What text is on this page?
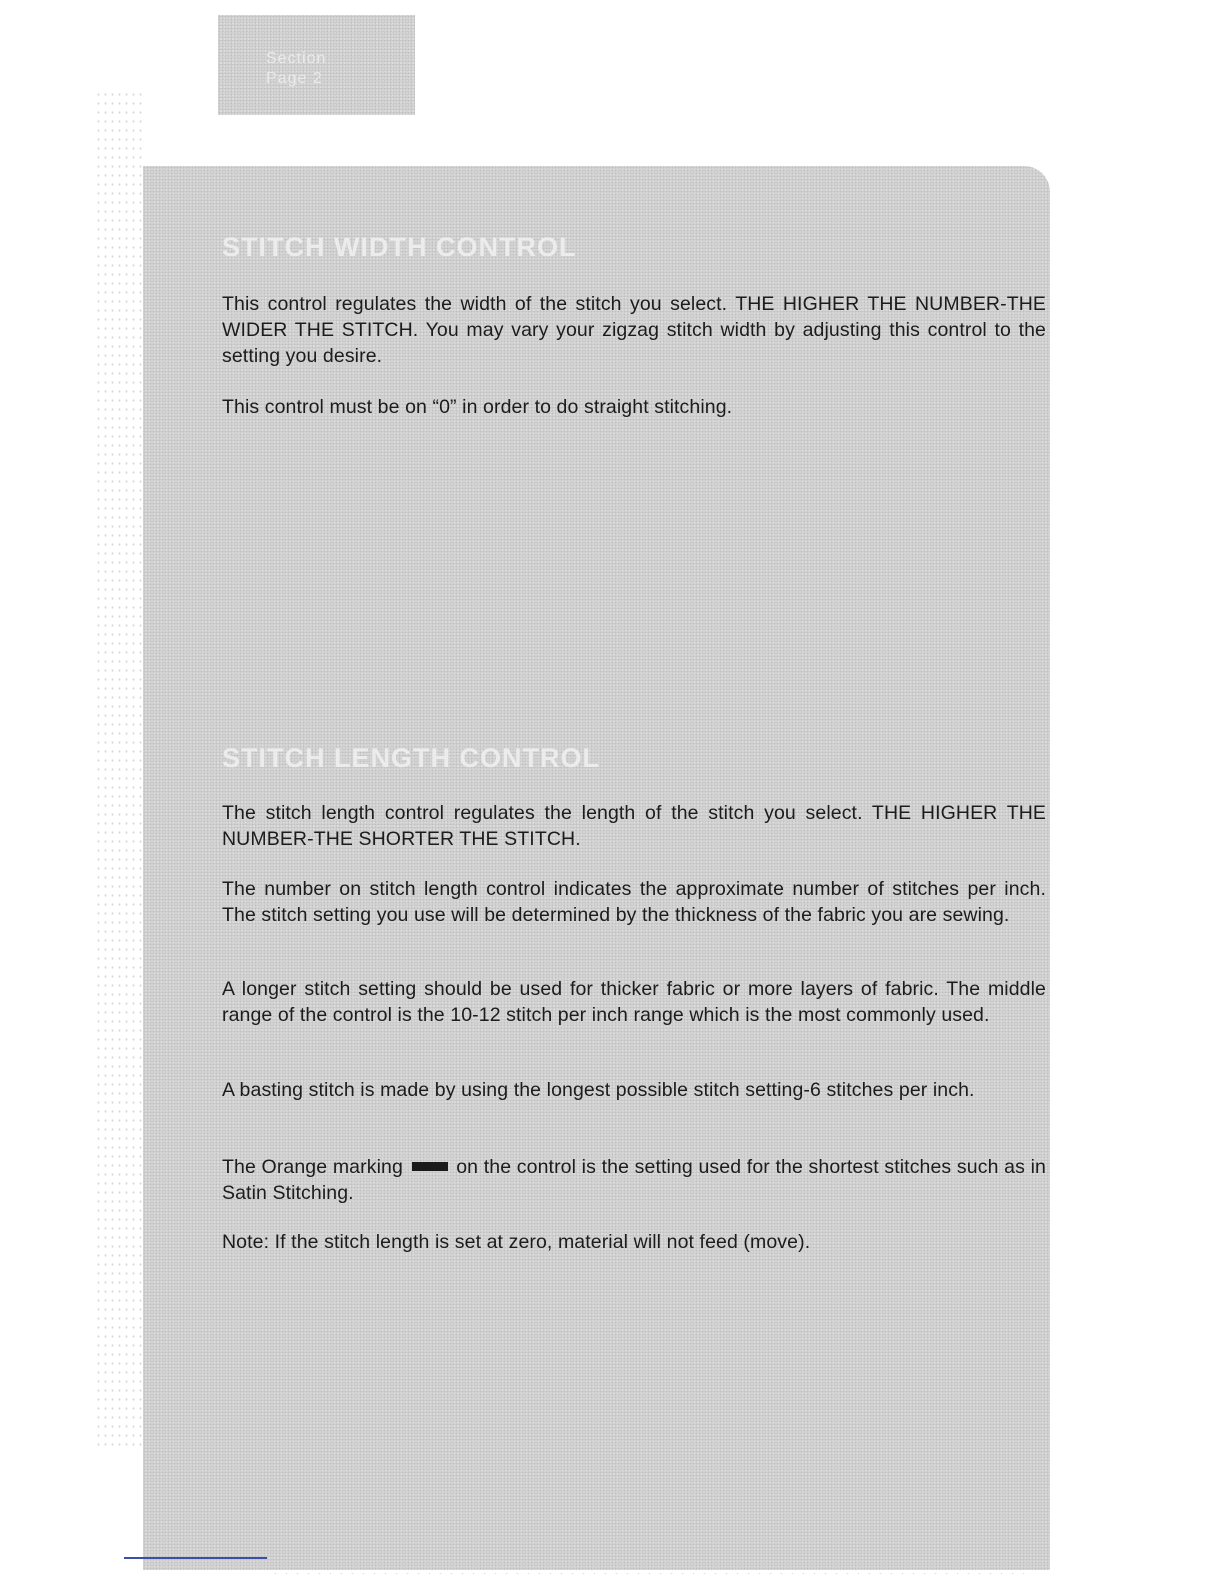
Section
Page 2
STITCH WIDTH CONTROL

This control regulates the width of the stitch you select. THE HIGHER THE NUMBER-THE WIDER THE STITCH. You may vary your zigzag stitch width by adjusting this control to the setting you desire.

This control must be on “0” in order to do straight stitching.

STITCH LENGTH CONTROL

The stitch length control regulates the length of the stitch you select. THE HIGHER THE NUMBER-THE SHORTER THE STITCH.

The number on stitch length control indicates the approximate number of stitches per inch. The stitch setting you use will be determined by the thickness of the fabric you are sewing.

A longer stitch setting should be used for thicker fabric or more layers of fabric. The middle range of the control is the 10-12 stitch per inch range which is the most commonly used.

A basting stitch is made by using the longest possible stitch setting-6 stitches per inch.

The Orange marking	on the control is the setting used for the shortest stitches such as in Satin Stitching.

Note: If the stitch length is set at zero, material will not feed (move).
